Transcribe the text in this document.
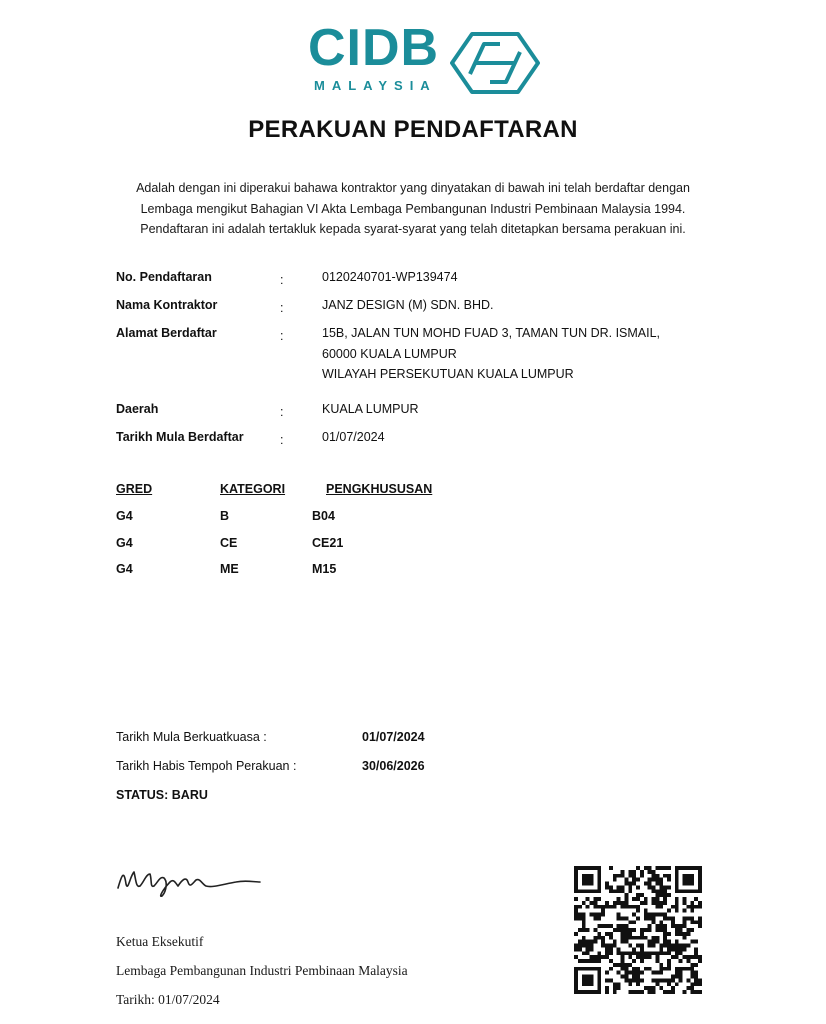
CIDB
MALAYSIA
PERAKUAN PENDAFTARAN

Adalah dengan ini diperakui bahawa kontraktor yang dinyatakan di bawah ini telah berdaftar dengan

Lembaga mengikut Bahagian VI Akta Lembaga Pembangunan Industri Pembinaan Malaysia 1994.

Pendaftaran ini adalah tertakluk kepada syarat-syarat yang telah ditetapkan bersama perakuan ini.

No. Pendaftaran	:	0120240701-WP139474
Nama Kontraktor	:	JANZ DESIGN (M) SDN. BHD.
Alamat Berdaftar	:	15B, JALAN TUN MOHD FUAD 3, TAMAN TUN DR. ISMAIL,
60000 KUALA LUMPUR
WILAYAH PERSEKUTUAN KUALA LUMPUR
Daerah	:	KUALA LUMPUR
Tarikh Mula Berdaftar	:	01/07/2024
GRED	KATEGORI	PENGKHUSUSAN
G4	B	B04
G4	CE	CE21
G4	ME	M15
Tarikh Mula Berkuatkuasa :	01/07/2024
Tarikh Habis Tempoh Perakuan :	30/06/2026
STATUS: BARU
Ketua Eksekutif
Lembaga Pembangunan Industri Pembinaan Malaysia
Tarikh: 01/07/2024
